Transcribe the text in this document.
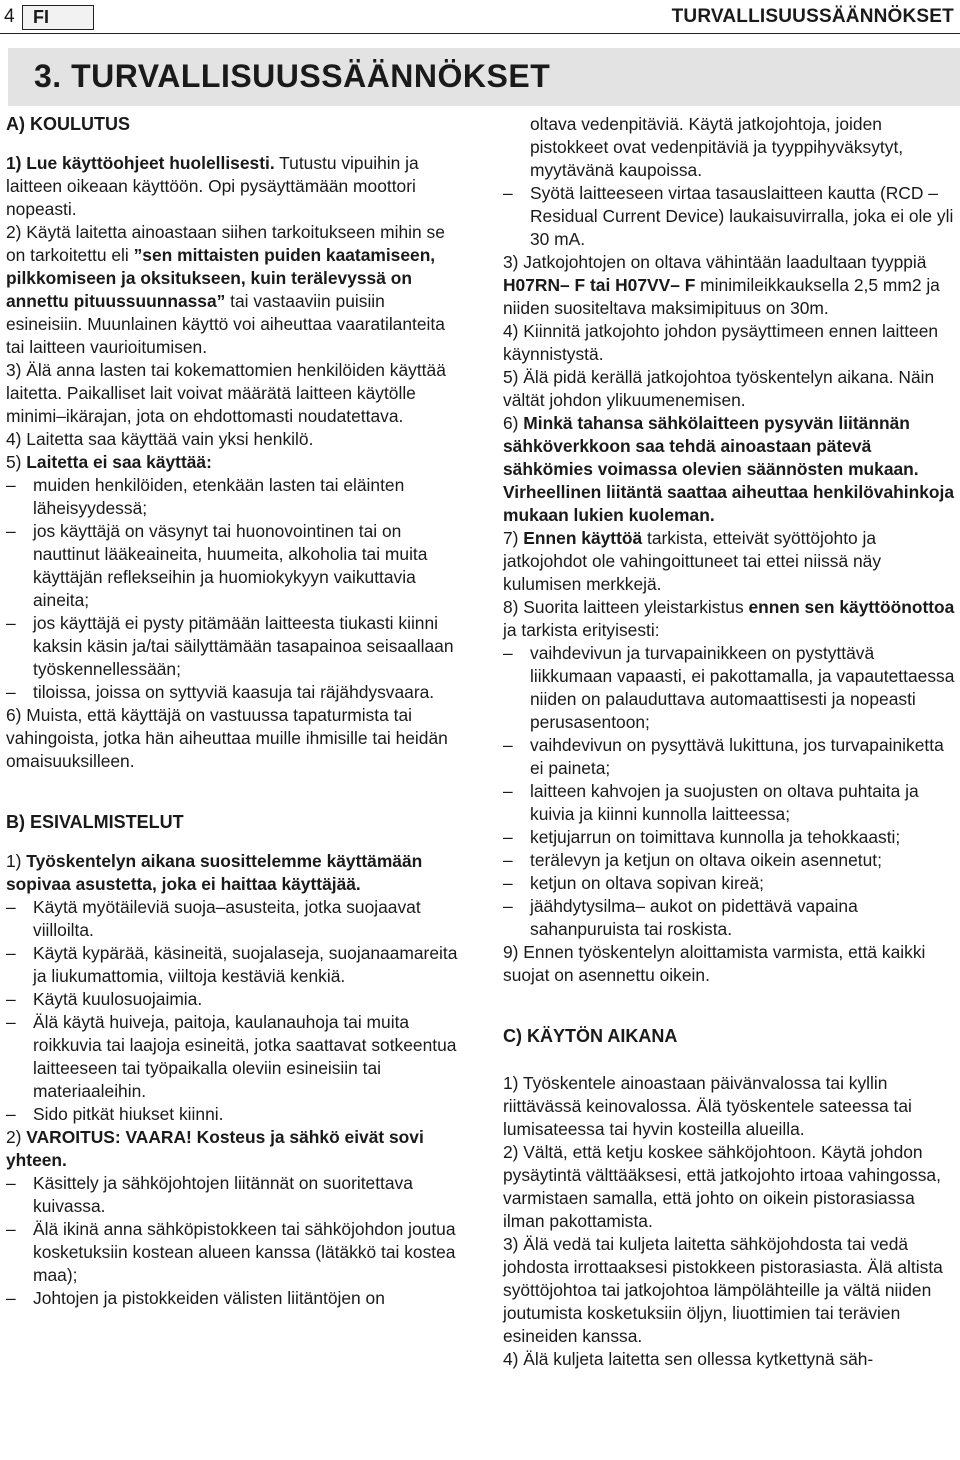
4	FI	TURVALLISUUSSÄÄNNÖKSET
3. TURVALLISUUSSÄÄNNÖKSET

A) KOULUTUS

1) Lue käyttöohjeet huolellisesti. Tutustu vipuihin ja laitteen oikeaan käyttöön. Opi pysäyttämään moottori nopeasti.

2) Käytä laitetta ainoastaan siihen tarkoitukseen mihin se on tarkoitettu eli ”sen mittaisten puiden kaatamiseen, pilkkomiseen ja oksitukseen, kuin terälevyssä on annettu pituussuunnassa” tai vastaaviin puisiin esineisiin. Muunlainen käyttö voi aiheuttaa vaaratilanteita tai laitteen vaurioitumisen.

3) Älä anna lasten tai kokemattomien henkilöiden käyttää laitetta. Paikalliset lait voivat määrätä laitteen käytölle minimi–ikärajan, jota on ehdottomasti noudatettava.

4) Laitetta saa käyttää vain yksi henkilö.

5) Laitetta ei saa käyttää:

– muiden henkilöiden, etenkään lasten tai eläinten läheisyydessä;

– jos käyttäjä on väsynyt tai huonovointinen tai on nauttinut lääkeaineita, huumeita, alkoholia tai muita käyttäjän reflekseihin ja huomiokykyyn vaikuttavia aineita;

– jos käyttäjä ei pysty pitämään laitteesta tiukasti kiinni kaksin käsin ja/tai säilyttämään tasapainoa seisaallaan työskennellessään;

– tiloissa, joissa on syttyviä kaasuja tai räjähdysvaara.

6) Muista, että käyttäjä on vastuussa tapaturmista tai vahingoista, jotka hän aiheuttaa muille ihmisille tai heidän omaisuuksilleen.

B) ESIVALMISTELUT

1) Työskentelyn aikana suosittelemme käyttämään sopivaa asustetta, joka ei haittaa käyttäjää.

– Käytä myötäileviä suoja–asusteita, jotka suojaavat viilloilta.

– Käytä kypärää, käsineitä, suojalaseja, suojanaamareita ja liukumattomia, viiltoja kestäviä kenkiä.

– Käytä kuulosuojaimia.

– Älä käytä huiveja, paitoja, kaulanauhoja tai muita roikkuvia tai laajoja esineitä, jotka saattavat sotkeentua laitteeseen tai työpaikalla oleviin esineisiin tai materiaaleihin.

– Sido pitkät hiukset kiinni.

2) VAROITUS: VAARA! Kosteus ja sähkö eivät sovi yhteen.

– Käsittely ja sähköjohtojen liitännät on suoritettava kuivassa.

– Älä ikinä anna sähköpistokkeen tai sähköjohdon joutua kosketuksiin kostean alueen kanssa (lätäkkö tai kostea maa);

– Johtojen ja pistokkeiden välisten liitäntöjen on

oltava vedenpitäviä. Käytä jatkojohtoja, joiden pistokkeet ovat vedenpitäviä ja tyyppihyväksytyt, myytävänä kaupoissa.

– Syötä laitteeseen virtaa tasauslaitteen kautta (RCD – Residual Current Device) laukaisuvirralla, joka ei ole yli 30 mA.

3) Jatkojohtojen on oltava vähintään laadultaan tyyppiä H07RN– F tai H07VV– F minimileikkauksella 2,5 mm2 ja niiden suositeltava maksimipituus on 30m.

4) Kiinnitä jatkojohto johdon pysäyttimeen ennen laitteen käynnistystä.

5) Älä pidä kerällä jatkojohtoa työskentelyn aikana. Näin vältät johdon ylikuumenemisen.

6) Minkä tahansa sähkölaitteen pysyvän liitännän sähköverkkoon saa tehdä ainoastaan pätevä sähkömies voimassa olevien säännösten mukaan. Virheellinen liitäntä saattaa aiheuttaa henkilövahinkoja mukaan lukien kuoleman.

7) Ennen käyttöä tarkista, etteivät syöttöjohto ja jatkojohdot ole vahingoittuneet tai ettei niissä näy kulumisen merkkejä.

8) Suorita laitteen yleistarkistus ennen sen käyttöönottoa ja tarkista erityisesti:

– vaihdevivun ja turvapainikkeen on pystyttävä liikkumaan vapaasti, ei pakottamalla, ja vapautettaessa niiden on palauduttava automaattisesti ja nopeasti perusasentoon;

– vaihdevivun on pysyttävä lukittuna, jos turvapainiketta ei paineta;

– laitteen kahvojen ja suojusten on oltava puhtaita ja kuivia ja kiinni kunnolla laitteessa;

– ketjujarrun on toimittava kunnolla ja tehokkaasti;

– terälevyn ja ketjun on oltava oikein asennetut;

– ketjun on oltava sopivan kireä;

– jäähdytysilma– aukot on pidettävä vapaina sahanpuruista tai roskista.

9) Ennen työskentelyn aloittamista varmista, että kaikki suojat on asennettu oikein.

C) KÄYTÖN AIKANA

1) Työskentele ainoastaan päivänvalossa tai kyllin riittävässä keinovalossa. Älä työskentele sateessa tai lumisateessa tai hyvin kosteilla alueilla.

2) Vältä, että ketju koskee sähköjohtoon. Käytä johdon pysäytintä välttääksesi, että jatkojohto irtoaa vahingossa, varmistaen samalla, että johto on oikein pistorasiassa ilman pakottamista.

3) Älä vedä tai kuljeta laitetta sähköjohdosta tai vedä johdosta irrottaaksesi pistokkeen pistorasiasta. Älä altista syöttöjohtoa tai jatkojohtoa lämpölähteille ja vältä niiden joutumista kosketuksiin öljyn, liuottimien tai terävien esineiden kanssa.

4) Älä kuljeta laitetta sen ollessa kytkettynä säh-
